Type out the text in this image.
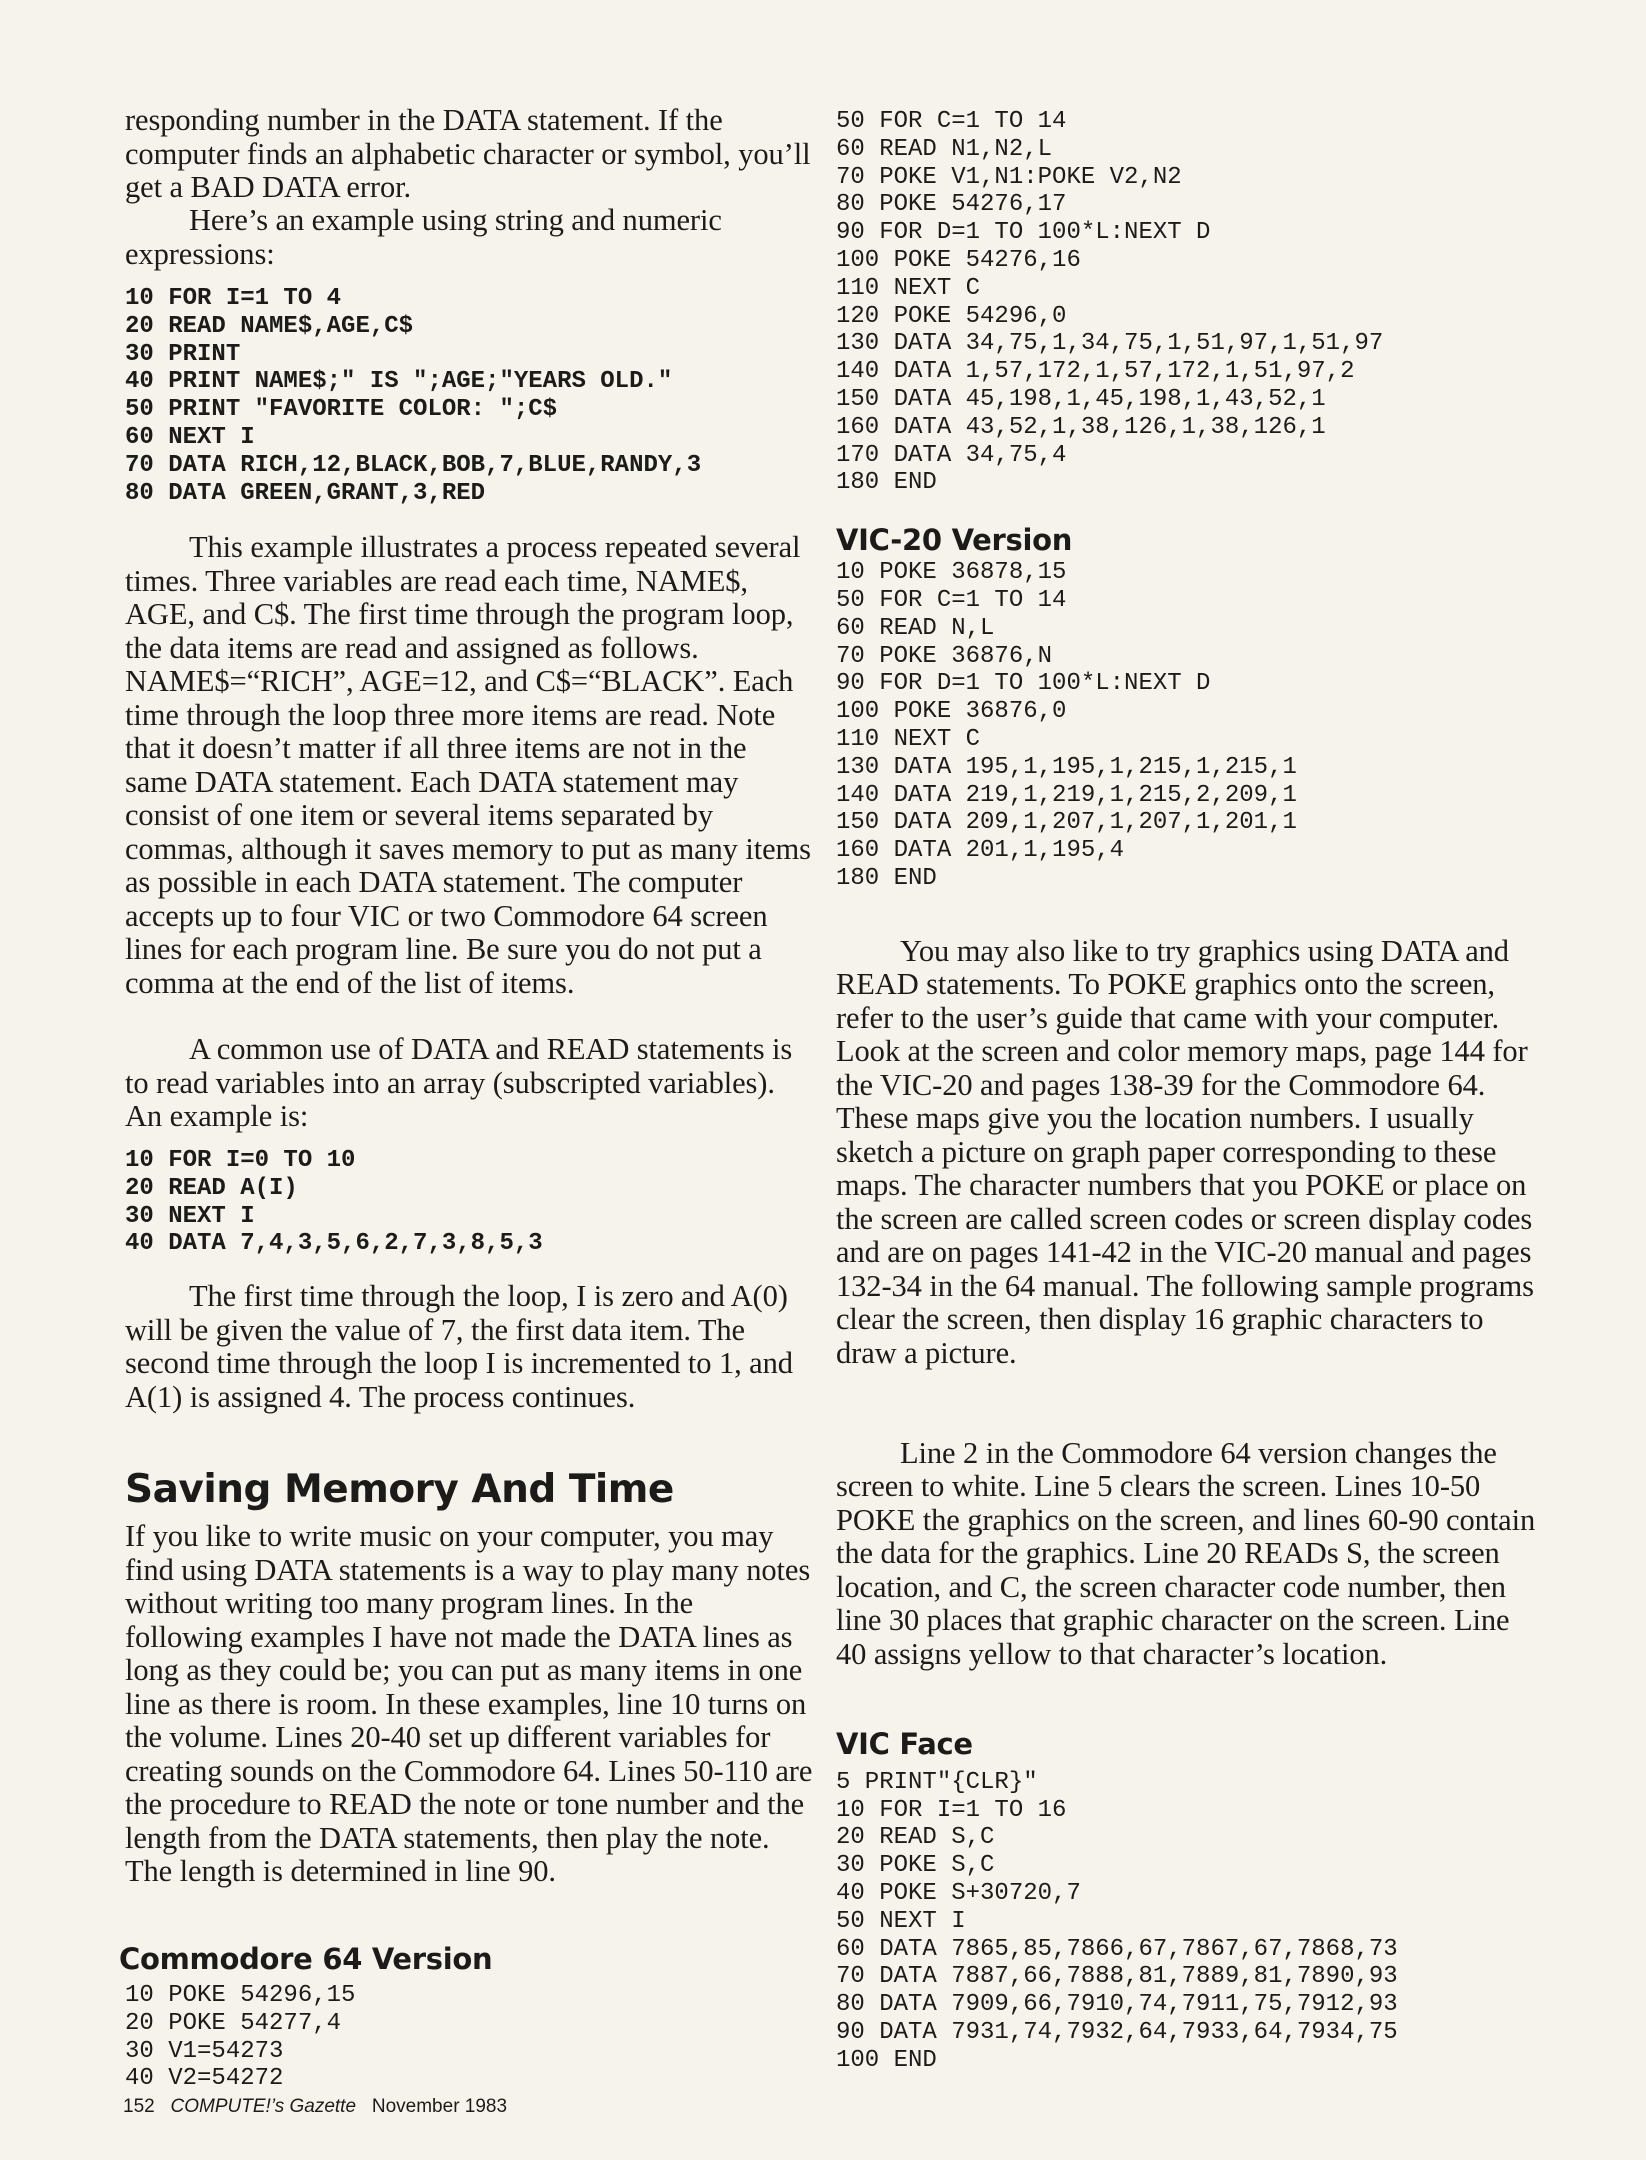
responding number in the DATA statement. If the computer finds an alphabetic character or symbol, you’ll get a BAD DATA error.

Here’s an example using string and numeric expressions:

10 FOR I=1 TO 4
20 READ NAME$,AGE,C$
30 PRINT
40 PRINT NAME$;" IS ";AGE;"YEARS OLD."
50 PRINT "FAVORITE COLOR: ";C$
60 NEXT I
70 DATA RICH,12,BLACK,BOB,7,BLUE,RANDY,3
80 DATA GREEN,GRANT,3,RED

This example illustrates a process repeated several times. Three variables are read each time, NAME$, AGE, and C$. The first time through the program loop, the data items are read and assigned as follows. NAME$=“RICH”, AGE=12, and C$=“BLACK”. Each time through the loop three more items are read. Note that it doesn’t matter if all three items are not in the same DATA statement. Each DATA statement may consist of one item or several items separated by commas, although it saves memory to put as many items as possible in each DATA statement. The computer accepts up to four VIC or two Commodore 64 screen lines for each program line. Be sure you do not put a comma at the end of the list of items.

A common use of DATA and READ statements is to read variables into an array (subscripted variables). An example is:

10 FOR I=0 TO 10
20 READ A(I)
30 NEXT I
40 DATA 7,4,3,5,6,2,7,3,8,5,3

The first time through the loop, I is zero and A(0) will be given the value of 7, the first data item. The second time through the loop I is incremented to 1, and A(1) is assigned 4. The process continues.

Saving Memory And Time

If you like to write music on your computer, you may find using DATA statements is a way to play many notes without writing too many program lines. In the following examples I have not made the DATA lines as long as they could be; you can put as many items in one line as there is room. In these examples, line 10 turns on the volume. Lines 20-40 set up different variables for creating sounds on the Commodore 64. Lines 50-110 are the procedure to READ the note or tone number and the length from the DATA statements, then play the note. The length is determined in line 90.

Commodore 64 Version
10 POKE 54296,15
20 POKE 54277,4
30 V1=54273
40 V2=54272
50 FOR C=1 TO 14
60 READ N1,N2,L
70 POKE V1,N1:POKE V2,N2
80 POKE 54276,17
90 FOR D=1 TO 100*L:NEXT D
100 POKE 54276,16
110 NEXT C
120 POKE 54296,0
130 DATA 34,75,1,34,75,1,51,97,1,51,97
140 DATA 1,57,172,1,57,172,1,51,97,2
150 DATA 45,198,1,45,198,1,43,52,1
160 DATA 43,52,1,38,126,1,38,126,1
170 DATA 34,75,4
180 END
VIC-20 Version
10 POKE 36878,15
50 FOR C=1 TO 14
60 READ N,L
70 POKE 36876,N
90 FOR D=1 TO 100*L:NEXT D
100 POKE 36876,0
110 NEXT C
130 DATA 195,1,195,1,215,1,215,1
140 DATA 219,1,219,1,215,2,209,1
150 DATA 209,1,207,1,207,1,201,1
160 DATA 201,1,195,4
180 END

You may also like to try graphics using DATA and READ statements. To POKE graphics onto the screen, refer to the user’s guide that came with your computer. Look at the screen and color memory maps, page 144 for the VIC-20 and pages 138-39 for the Commodore 64. These maps give you the location numbers. I usually sketch a picture on graph paper corresponding to these maps. The character numbers that you POKE or place on the screen are called screen codes or screen display codes and are on pages 141-42 in the VIC-20 manual and pages 132-34 in the 64 manual. The following sample programs clear the screen, then display 16 graphic characters to draw a picture.

Line 2 in the Commodore 64 version changes the screen to white. Line 5 clears the screen. Lines 10-50 POKE the graphics on the screen, and lines 60-90 contain the data for the graphics. Line 20 READs S, the screen location, and C, the screen character code number, then line 30 places that graphic character on the screen. Line 40 assigns yellow to that character’s location.

VIC Face
5 PRINT"{CLR}"
10 FOR I=1 TO 16
20 READ S,C
30 POKE S,C
40 POKE S+30720,7
50 NEXT I
60 DATA 7865,85,7866,67,7867,67,7868,73
70 DATA 7887,66,7888,81,7889,81,7890,93
80 DATA 7909,66,7910,74,7911,75,7912,93
90 DATA 7931,74,7932,64,7933,64,7934,75
100 END
152 COMPUTE!’s Gazette November 1983
